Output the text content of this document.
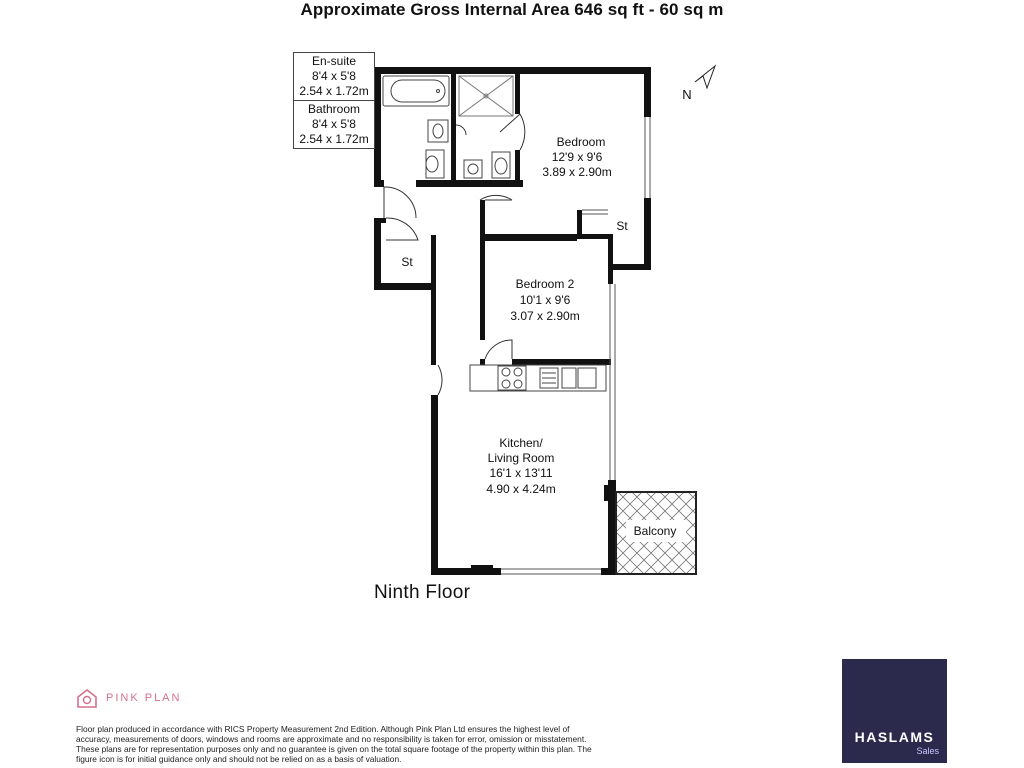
Approximate Gross Internal Area 646 sq ft - 60 sq m
Bedroom
12'9 x 9'6
3.89 x 2.90m
Bedroom 2
10'1 x 9'6
3.07 x 2.90m
Kitchen/
Living Room
16'1 x 13'11
4.90 x 4.24m
St
St
Balcony
N
En-suite
8'4 x 5'8
2.54 x 1.72m
Bathroom
8'4 x 5'8
2.54 x 1.72m
Ninth Floor
PINK PLAN
Floor plan produced in accordance with RICS Property Measurement 2nd Edition. Although Pink Plan Ltd ensures the highest level of accuracy, measurements of doors, windows and rooms are approximate and no responsibility is taken for error, omission or misstatement. These plans are for representation purposes only and no guarantee is given on the total square footage of the property within this plan. The figure icon is for initial guidance only and should not be relied on as a basis of valuation.
HASLAMS
Sales
